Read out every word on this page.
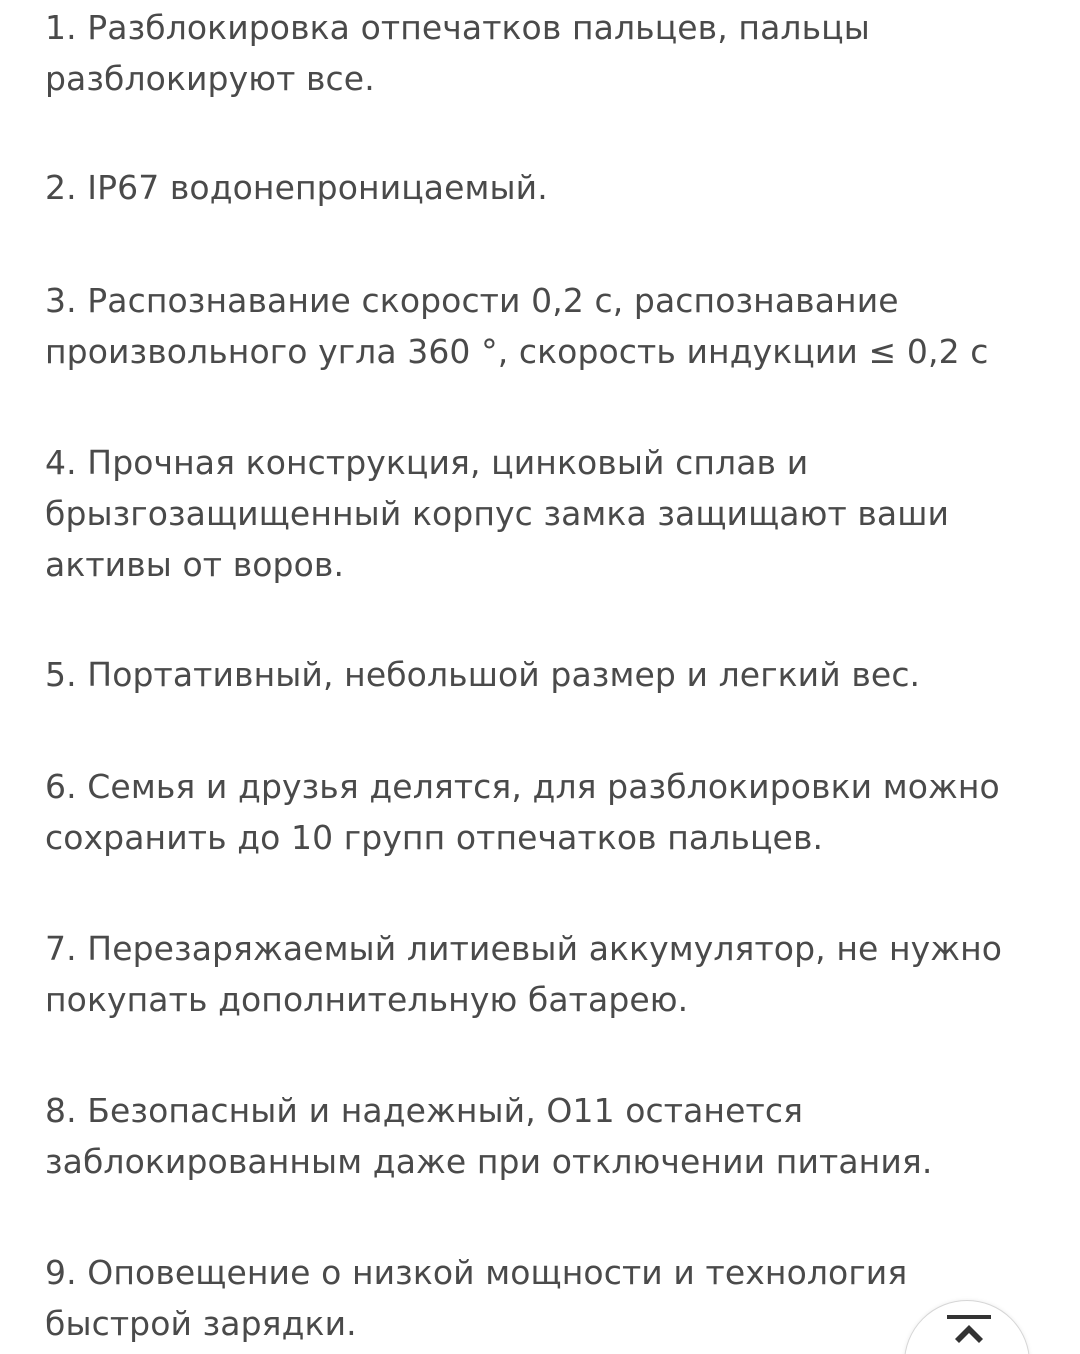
1. Разблокировка отпечатков пальцев, пальцы
разблокируют все.

2. IP67 водонепроницаемый.

3. Распознавание скорости 0,2 с, распознавание
произвольного угла 360 °, скорость индукции ≤ 0,2 с

4. Прочная конструкция, цинковый сплав и
брызгозащищенный корпус замка защищают ваши
активы от воров.

5. Портативный, небольшой размер и легкий вес.

6. Семья и друзья делятся, для разблокировки можно
сохранить до 10 групп отпечатков пальцев.

7. Перезаряжаемый литиевый аккумулятор, не нужно
покупать дополнительную батарею.

8. Безопасный и надежный, O11 останется
заблокированным даже при отключении питания.

9. Оповещение о низкой мощности и технология
быстрой зарядки.
